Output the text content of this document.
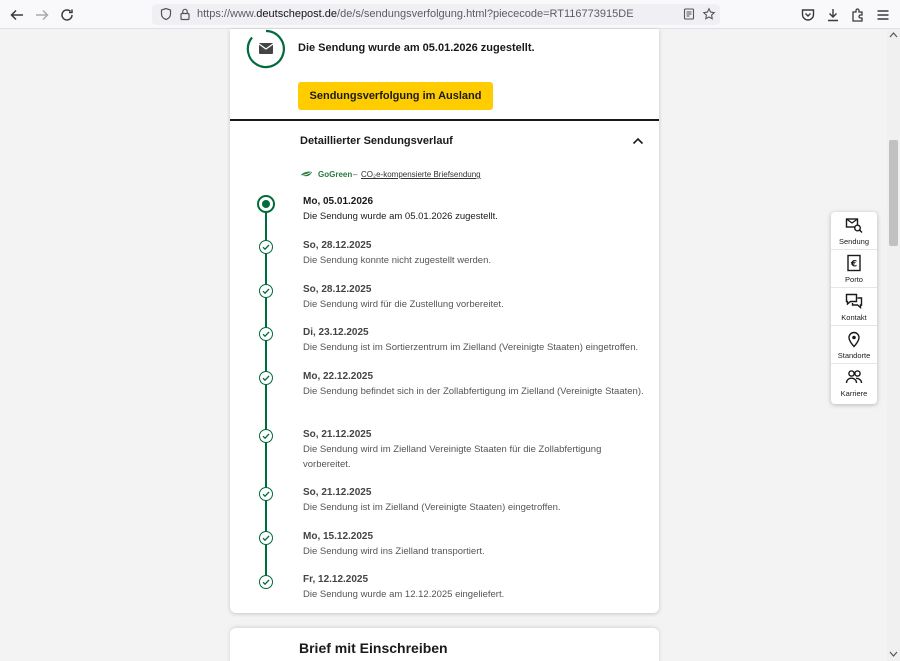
https://www.deutschepost.de/de/s/sendungsverfolgung.html?piececode=RT116773915DE
Die Sendung wurde am 05.01.2026 zugestellt.
Sendungsverfolgung im Ausland
Detaillierter Sendungsverlauf
GoGreen – CO₂e-kompensierte Briefsendung
Mo, 05.01.2026
Die Sendung wurde am 05.01.2026 zugestellt.
So, 28.12.2025
Die Sendung konnte nicht zugestellt werden.
So, 28.12.2025
Die Sendung wird für die Zustellung vorbereitet.
Di, 23.12.2025
Die Sendung ist im Sortierzentrum im Zielland (Vereinigte Staaten) eingetroffen.
Mo, 22.12.2025
Die Sendung befindet sich in der Zollabfertigung im Zielland (Vereinigte Staaten).
So, 21.12.2025
Die Sendung wird im Zielland Vereinigte Staaten für die Zollabfertigung vorbereitet.
So, 21.12.2025
Die Sendung ist im Zielland (Vereinigte Staaten) eingetroffen.
Mo, 15.12.2025
Die Sendung wird ins Zielland transportiert.
Fr, 12.12.2025
Die Sendung wurde am 12.12.2025 eingeliefert.
Brief mit Einschreiben
Sendung
€
Porto
Kontakt
Standorte
Karriere
